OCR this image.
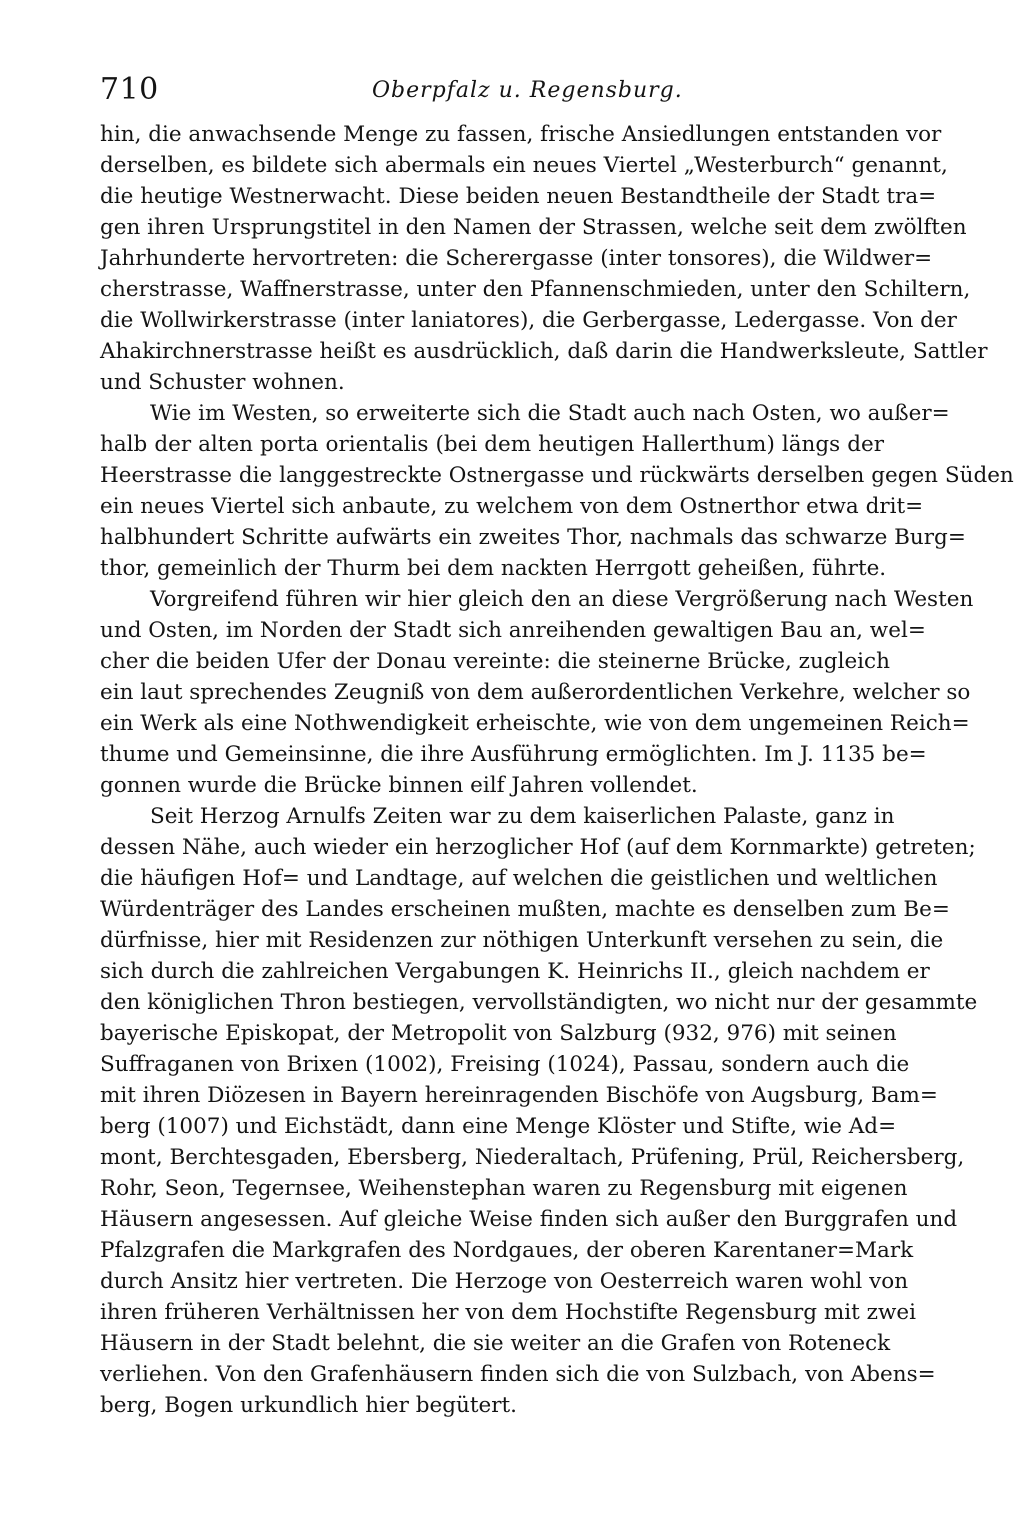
710	Oberpfalz u. Regensburg.
hin, die anwachsende Menge zu fassen, frische Ansiedlungen entstanden vor
derselben, es bildete sich abermals ein neues Viertel „Westerburch“ genannt,
die heutige Westnerwacht. Diese beiden neuen Bestandtheile der Stadt tra=
gen ihren Ursprungstitel in den Namen der Strassen, welche seit dem zwölften
Jahrhunderte hervortreten: die Scherergasse (inter tonsores), die Wildwer=
cherstrasse, Waffnerstrasse, unter den Pfannenschmieden, unter den Schiltern,
die Wollwirkerstrasse (inter laniatores), die Gerbergasse, Ledergasse. Von der
Ahakirchnerstrasse heißt es ausdrücklich, daß darin die Handwerksleute, Sattler
und Schuster wohnen.
Wie im Westen, so erweiterte sich die Stadt auch nach Osten, wo außer=
halb der alten porta orientalis (bei dem heutigen Hallerthum) längs der
Heerstrasse die langgestreckte Ostnergasse und rückwärts derselben gegen Süden
ein neues Viertel sich anbaute, zu welchem von dem Ostnerthor etwa drit=
halbhundert Schritte aufwärts ein zweites Thor, nachmals das schwarze Burg=
thor, gemeinlich der Thurm bei dem nackten Herrgott geheißen, führte.
Vorgreifend führen wir hier gleich den an diese Vergrößerung nach Westen
und Osten, im Norden der Stadt sich anreihenden gewaltigen Bau an, wel=
cher die beiden Ufer der Donau vereinte: die steinerne Brücke, zugleich
ein laut sprechendes Zeugniß von dem außerordentlichen Verkehre, welcher so
ein Werk als eine Nothwendigkeit erheischte, wie von dem ungemeinen Reich=
thume und Gemeinsinne, die ihre Ausführung ermöglichten. Im J. 1135 be=
gonnen wurde die Brücke binnen eilf Jahren vollendet.
Seit Herzog Arnulfs Zeiten war zu dem kaiserlichen Palaste, ganz in
dessen Nähe, auch wieder ein herzoglicher Hof (auf dem Kornmarkte) getreten;
die häufigen Hof= und Landtage, auf welchen die geistlichen und weltlichen
Würdenträger des Landes erscheinen mußten, machte es denselben zum Be=
dürfnisse, hier mit Residenzen zur nöthigen Unterkunft versehen zu sein, die
sich durch die zahlreichen Vergabungen K. Heinrichs II., gleich nachdem er
den königlichen Thron bestiegen, vervollständigten, wo nicht nur der gesammte
bayerische Episkopat, der Metropolit von Salzburg (932, 976) mit seinen
Suffraganen von Brixen (1002), Freising (1024), Passau, sondern auch die
mit ihren Diözesen in Bayern hereinragenden Bischöfe von Augsburg, Bam=
berg (1007) und Eichstädt, dann eine Menge Klöster und Stifte, wie Ad=
mont, Berchtesgaden, Ebersberg, Niederaltach, Prüfening, Prül, Reichersberg,
Rohr, Seon, Tegernsee, Weihenstephan waren zu Regensburg mit eigenen
Häusern angesessen. Auf gleiche Weise finden sich außer den Burggrafen und
Pfalzgrafen die Markgrafen des Nordgaues, der oberen Karentaner=Mark
durch Ansitz hier vertreten. Die Herzoge von Oesterreich waren wohl von
ihren früheren Verhältnissen her von dem Hochstifte Regensburg mit zwei
Häusern in der Stadt belehnt, die sie weiter an die Grafen von Roteneck
verliehen. Von den Grafenhäusern finden sich die von Sulzbach, von Abens=
berg, Bogen urkundlich hier begütert.
